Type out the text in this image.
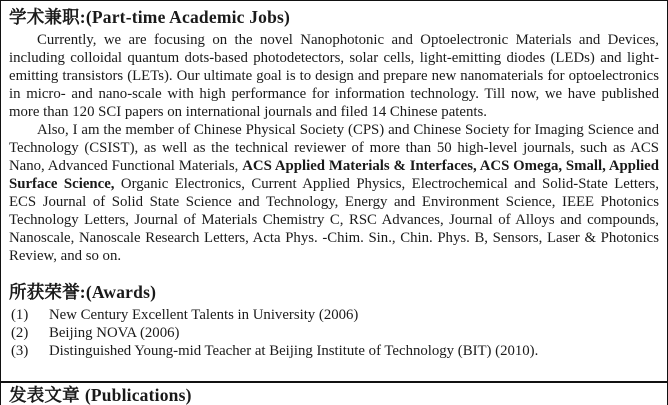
学术兼职:(Part-time Academic Jobs)

Currently, we are focusing on the novel Nanophotonic and Optoelectronic Materials and Devices, including colloidal quantum dots-based photodetectors, solar cells, light-emitting diodes (LEDs) and light-emitting transistors (LETs). Our ultimate goal is to design and prepare new nanomaterials for optoelectronics in micro- and nano-scale with high performance for information technology. Till now, we have published more than 120 SCI papers on international journals and filed 14 Chinese patents.

Also, I am the member of Chinese Physical Society (CPS) and Chinese Society for Imaging Science and Technology (CSIST), as well as the technical reviewer of more than 50 high-level journals, such as ACS Nano, Advanced Functional Materials, ACS Applied Materials & Interfaces, ACS Omega, Small, Applied Surface Science, Organic Electronics, Current Applied Physics, Electrochemical and Solid-State Letters, ECS Journal of Solid State Science and Technology, Energy and Environment Science, IEEE Photonics Technology Letters, Journal of Materials Chemistry C, RSC Advances, Journal of Alloys and compounds, Nanoscale, Nanoscale Research Letters, Acta Phys. -Chim. Sin., Chin. Phys. B, Sensors, Laser & Photonics Review, and so on.

所获荣誉:(Awards)
(1)	New Century Excellent Talents in University (2006)
(2)	Beijing NOVA (2006)
(3)	Distinguished Young-mid Teacher at Beijing Institute of Technology (BIT) (2010).
发表文章 (Publications)
